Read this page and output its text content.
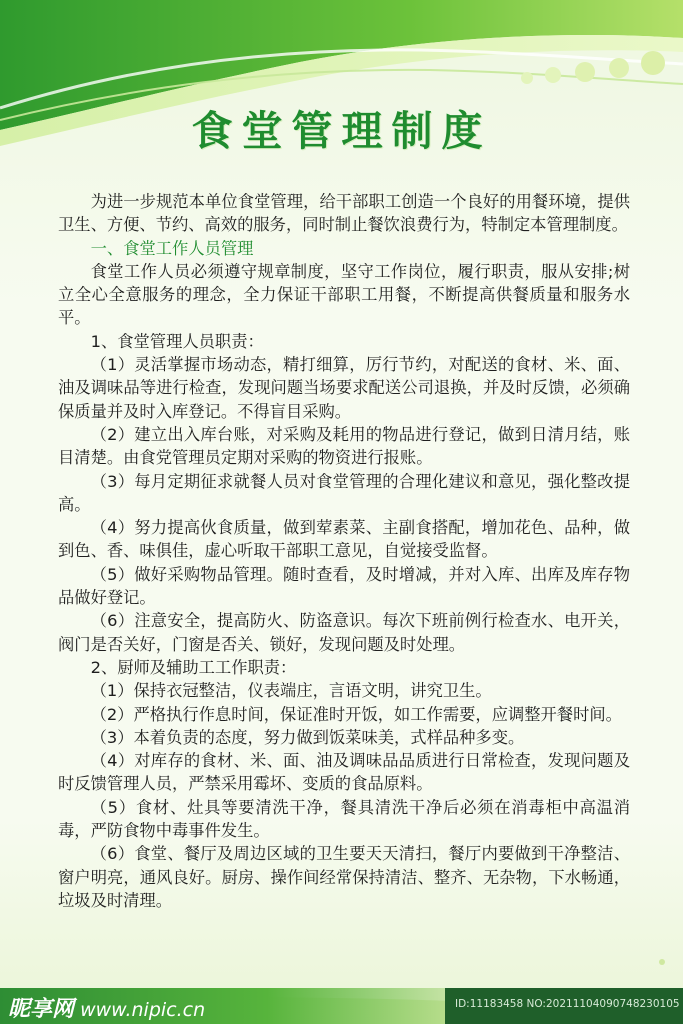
食堂管理制度

为进一步规范本单位食堂管理，给干部职工创造一个良好的用餐环境，提供卫生、方便、节约、高效的服务，同时制止餐饮浪费行为，特制定本管理制度。

一、食堂工作人员管理

食堂工作人员必须遵守规章制度，坚守工作岗位，履行职责，服从安排;树立全心全意服务的理念，全力保证干部职工用餐，不断提高供餐质量和服务水平。

1、食堂管理人员职责：

（1）灵活掌握市场动态，精打细算，厉行节约，对配送的食材、米、面、油及调味品等进行检查，发现问题当场要求配送公司退换，并及时反馈，必须确保质量并及时入库登记。不得盲目采购。

（2）建立出入库台账，对采购及耗用的物品进行登记，做到日清月结，账目清楚。由食党管理员定期对采购的物资进行报账。

（3）每月定期征求就餐人员对食堂管理的合理化建议和意见，强化整改提高。

（4）努力提高伙食质量，做到荤素菜、主副食搭配，增加花色、品种，做到色、香、味俱佳，虚心听取干部职工意见，自觉接受监督。

（5）做好采购物品管理。随时查看，及时增减，并对入库、出库及库存物品做好登记。

（6）注意安全，提高防火、防盗意识。每次下班前例行检查水、电开关，阀门是否关好，门窗是否关、锁好，发现问题及时处理。

2、厨师及辅助工工作职责：

（1）保持衣冠整洁，仪表端庄，言语文明，讲究卫生。

（2）严格执行作息时间，保证准时开饭，如工作需要，应调整开餐时间。

（3）本着负责的态度，努力做到饭菜味美，式样品种多变。

（4）对库存的食材、米、面、油及调味品品质进行日常检查，发现问题及时反馈管理人员，严禁采用霉坏、变质的食品原料。

（5）食材、灶具等要清洗干净，餐具清洗干净后必须在消毒柜中高温消毒，严防食物中毒事件发生。

（6）食堂、餐厅及周边区域的卫生要天天清扫，餐厅内要做到干净整洁、窗户明亮，通风良好。厨房、操作间经常保持清洁、整齐、无杂物，下水畅通，垃圾及时清理。

昵享网 www.nipic.cn	ID:11183458 NO:20211104090748230105
